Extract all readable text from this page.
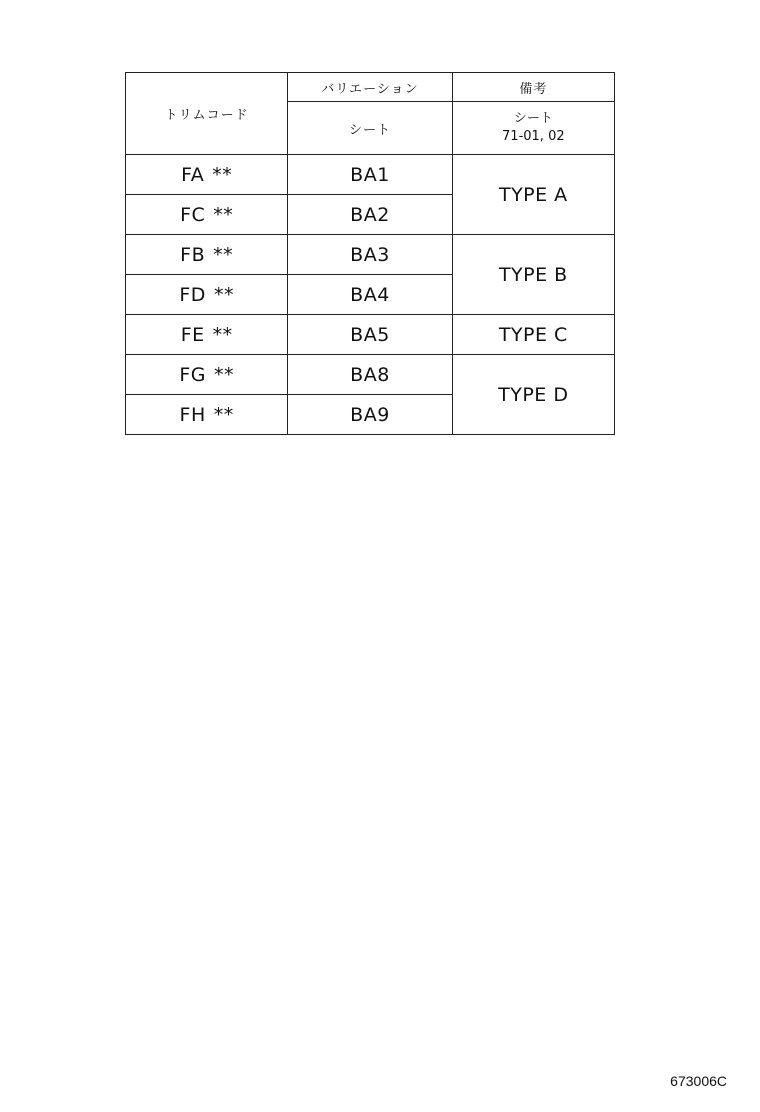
トリムコード	バリエーション	備考
	シート	シート
71-01, 02

FA **	BA1	TYPE A
FC **	BA2	
FB **	BA3	TYPE B
FD **	BA4	
FE **	BA5	TYPE C
FG **	BA8	TYPE D
FH **	BA9	
673006C
